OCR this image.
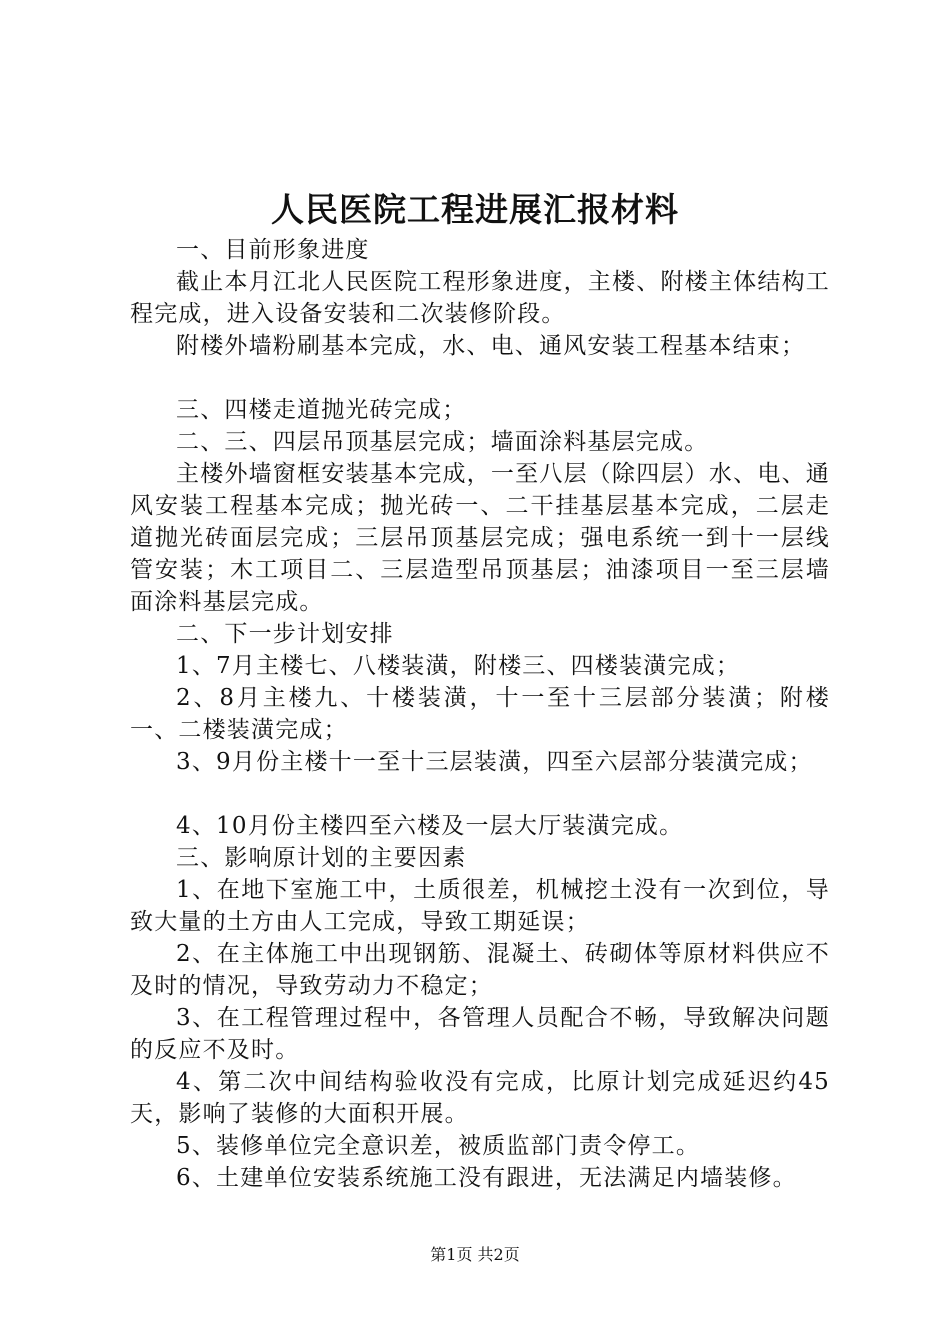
人民医院工程进展汇报材料

一、目前形象进度

截止本月江北人民医院工程形象进度，主楼、附楼主体结构工程完成，进入设备安装和二次装修阶段。

附楼外墙粉刷基本完成，水、电、通风安装工程基本结束；

三、四楼走道抛光砖完成；

二、三、四层吊顶基层完成；墙面涂料基层完成。

主楼外墙窗框安装基本完成，一至八层（除四层）水、电、通风安装工程基本完成；抛光砖一、二干挂基层基本完成，二层走道抛光砖面层完成；三层吊顶基层完成；强电系统一到十一层线管安装；木工项目二、三层造型吊顶基层；油漆项目一至三层墙面涂料基层完成。

二、下一步计划安排

1、7月主楼七、八楼装潢，附楼三、四楼装潢完成；

2、8月主楼九、十楼装潢，十一至十三层部分装潢；附楼一、二楼装潢完成；

3、9月份主楼十一至十三层装潢，四至六层部分装潢完成；

4、10月份主楼四至六楼及一层大厅装潢完成。

三、影响原计划的主要因素

1、在地下室施工中，土质很差，机械挖土没有一次到位，导致大量的土方由人工完成，导致工期延误；

2、在主体施工中出现钢筋、混凝土、砖砌体等原材料供应不及时的情况，导致劳动力不稳定；

3、在工程管理过程中，各管理人员配合不畅，导致解决问题的反应不及时。

4、第二次中间结构验收没有完成，比原计划完成延迟约45天，影响了装修的大面积开展。

5、装修单位完全意识差，被质监部门责令停工。

6、土建单位安装系统施工没有跟进，无法满足内墙装修。

第1页 共2页
